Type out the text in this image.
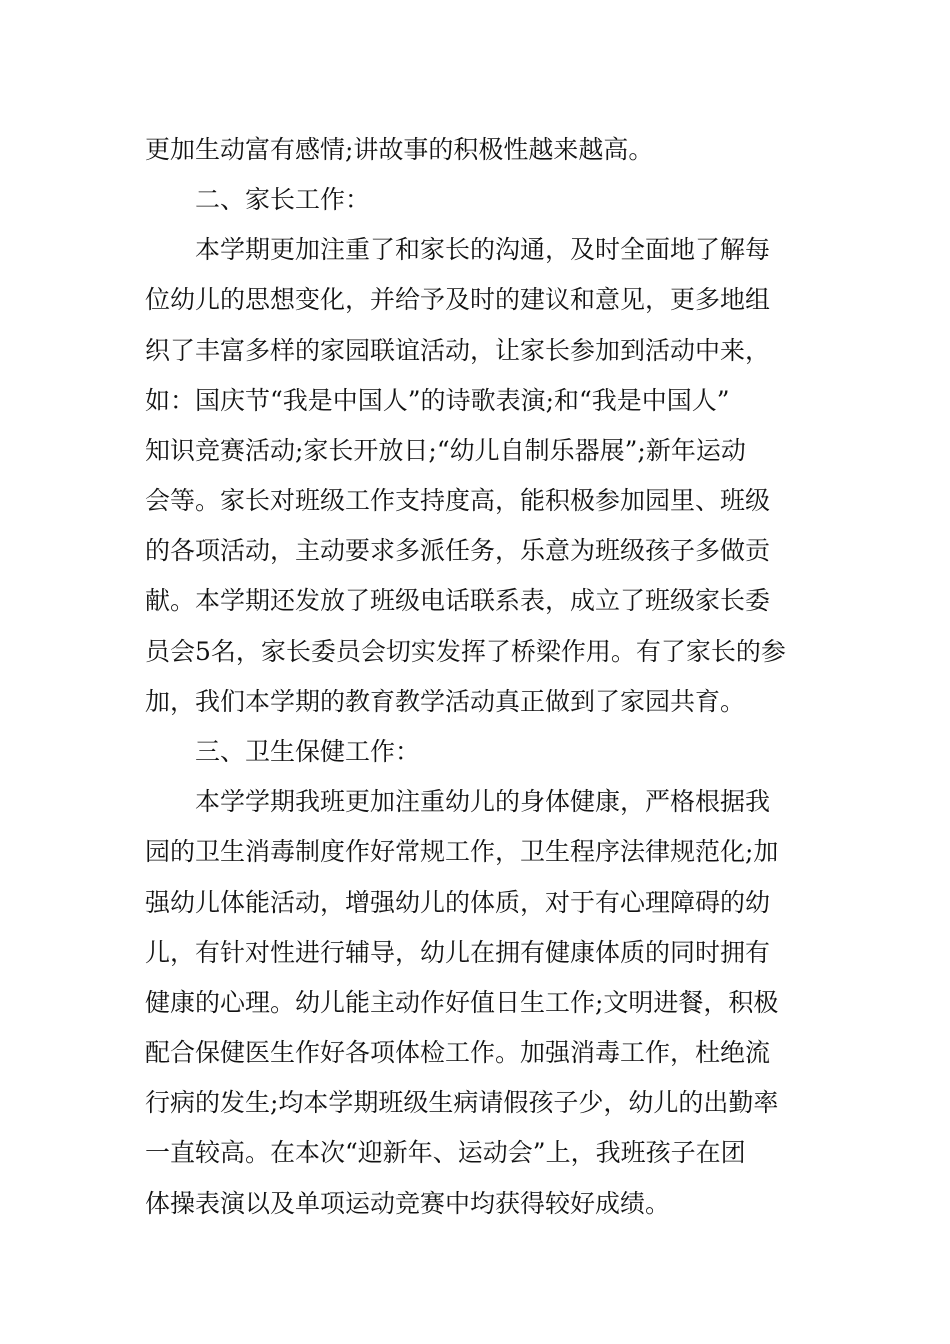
更加生动富有感情;讲故事的积极性越来越高。
二、家长工作：
本学期更加注重了和家长的沟通，及时全面地了解每
位幼儿的思想变化，并给予及时的建议和意见，更多地组
织了丰富多样的家园联谊活动，让家长参加到活动中来，
如：国庆节“我是中国人”的诗歌表演;和“我是中国人”
知识竞赛活动;家长开放日;“幼儿自制乐器展”;新年运动
会等。家长对班级工作支持度高，能积极参加园里、班级
的各项活动，主动要求多派任务，乐意为班级孩子多做贡
献。本学期还发放了班级电话联系表，成立了班级家长委
员会5名，家长委员会切实发挥了桥梁作用。有了家长的参
加，我们本学期的教育教学活动真正做到了家园共育。
三、卫生保健工作：
本学学期我班更加注重幼儿的身体健康，严格根据我
园的卫生消毒制度作好常规工作，卫生程序法律规范化;加
强幼儿体能活动，增强幼儿的体质，对于有心理障碍的幼
儿，有针对性进行辅导，幼儿在拥有健康体质的同时拥有
健康的心理。幼儿能主动作好值日生工作;文明进餐，积极
配合保健医生作好各项体检工作。加强消毒工作，杜绝流
行病的发生;均本学期班级生病请假孩子少，幼儿的出勤率
一直较高。在本次“迎新年、运动会”上，我班孩子在团
体操表演以及单项运动竞赛中均获得较好成绩。
